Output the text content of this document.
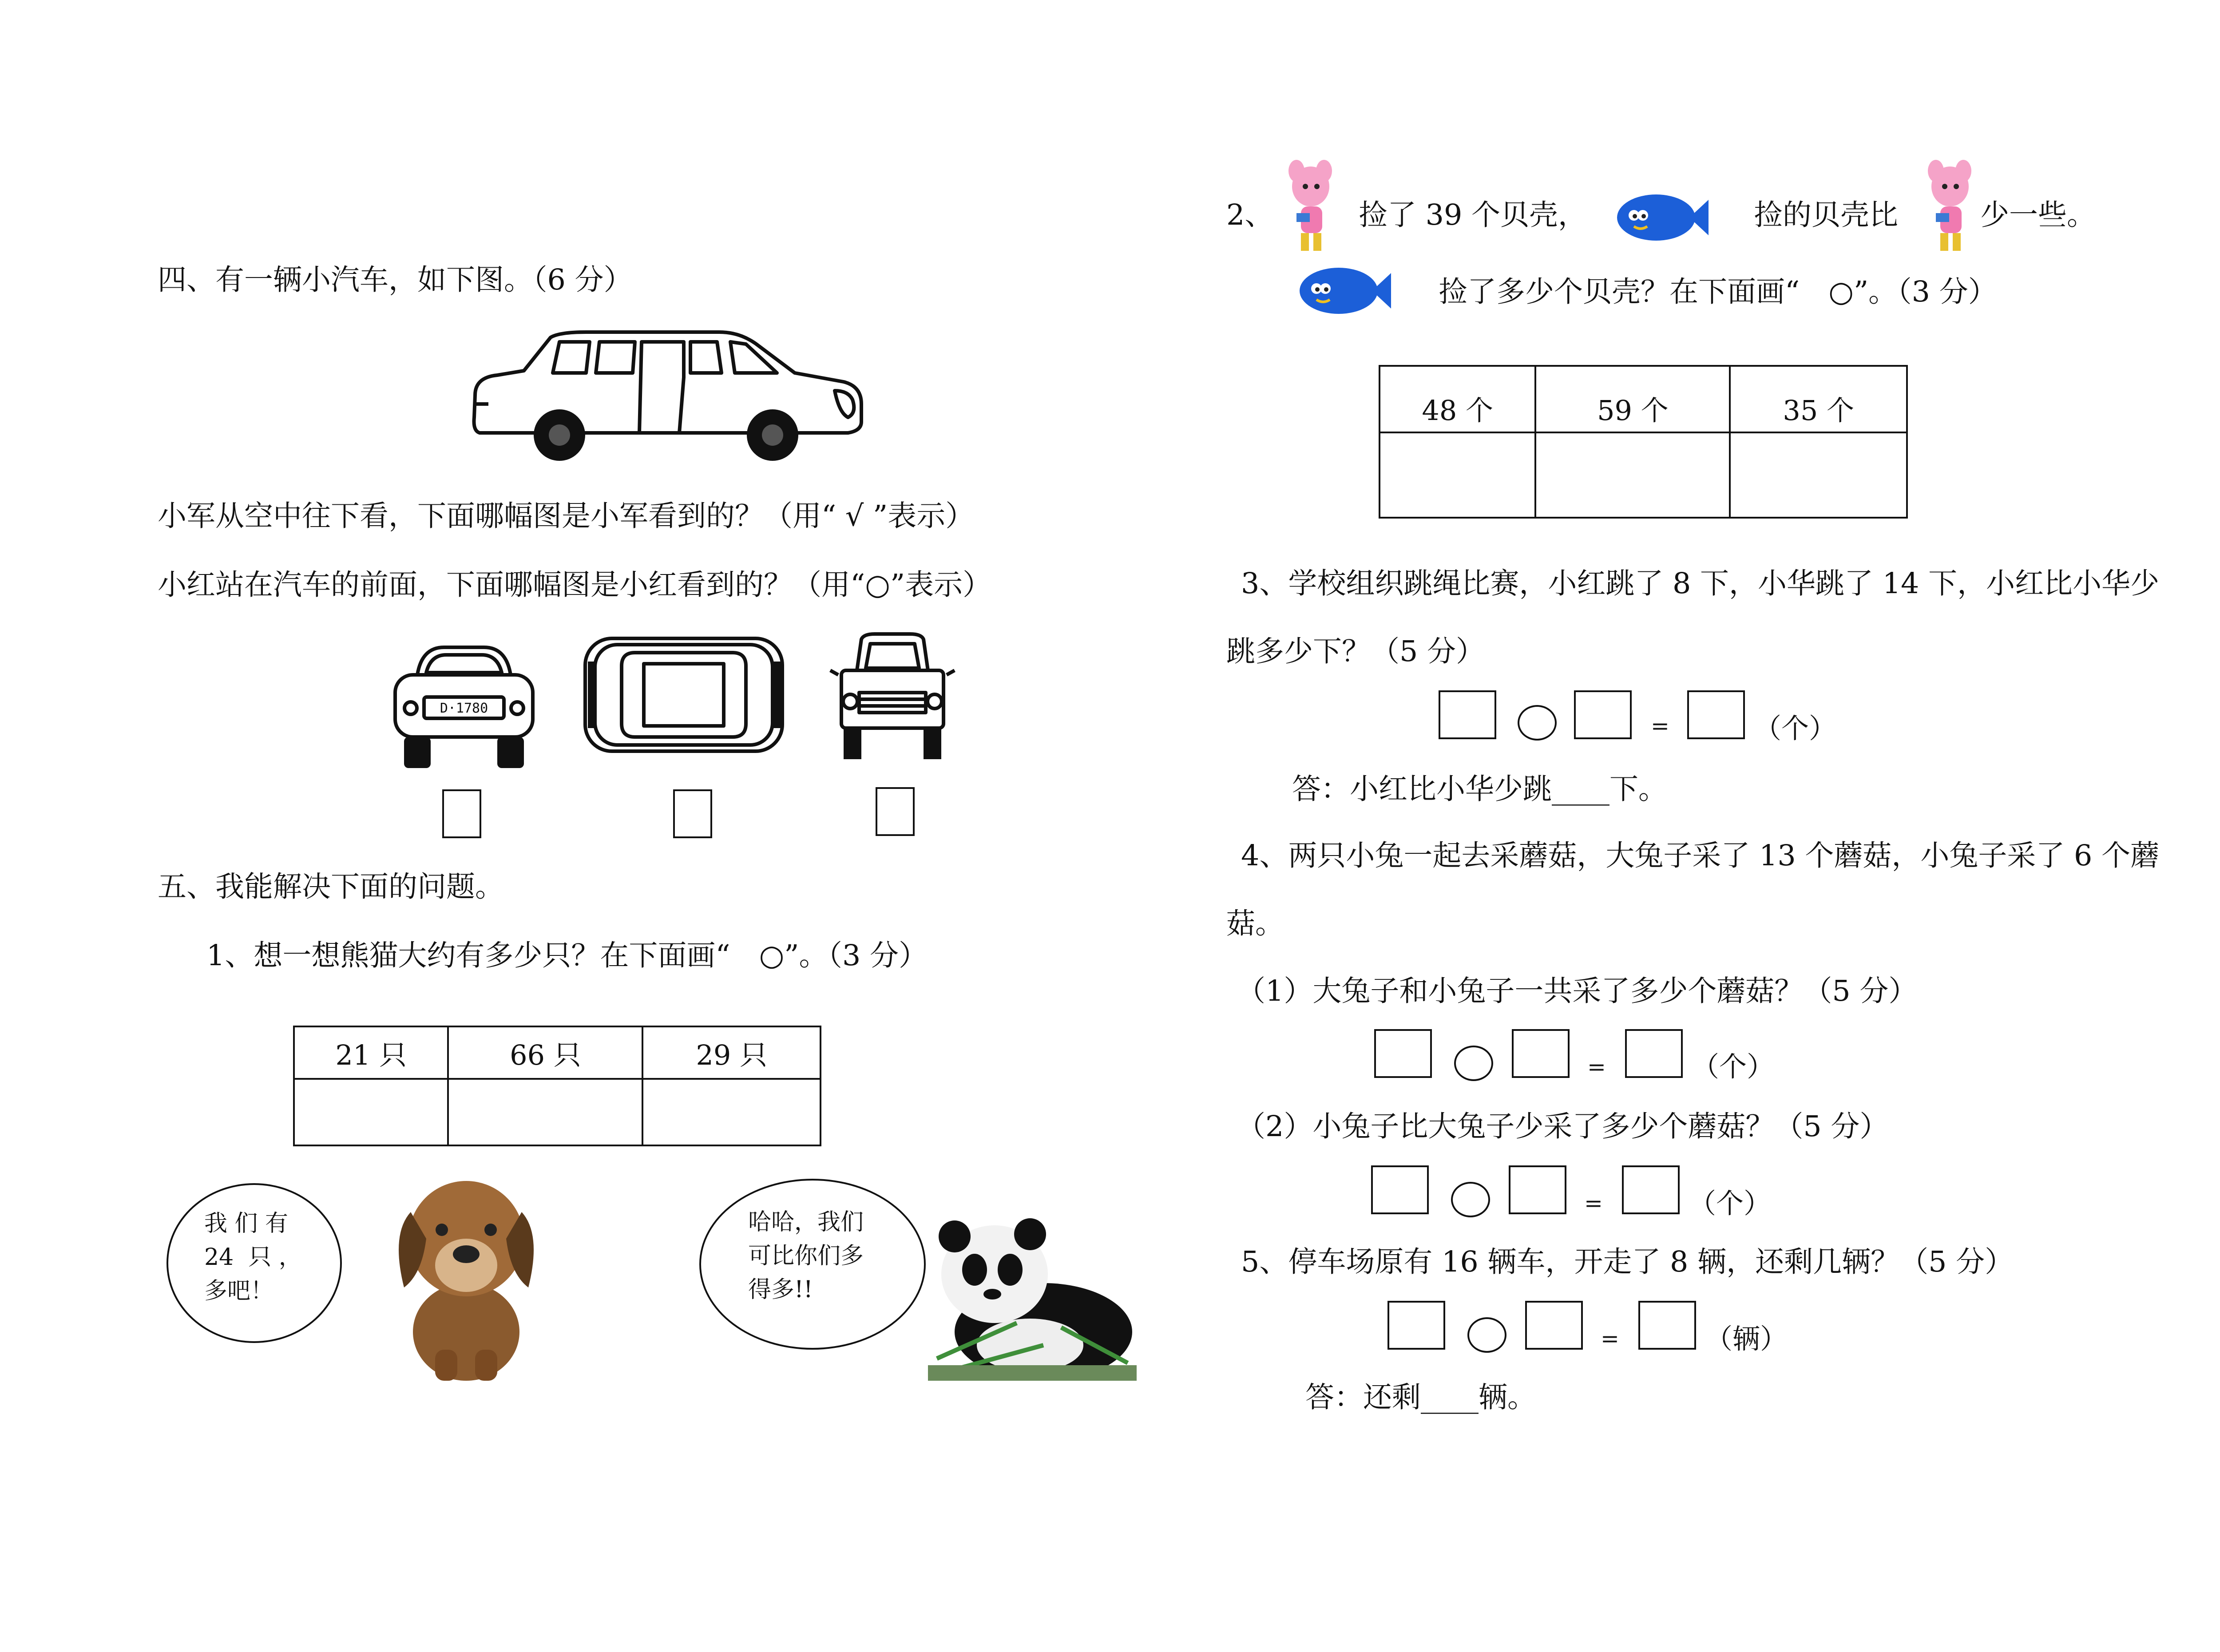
四、有一辆小汽车，如下图。（6 分）
小军从空中往下看，下面哪幅图是小军看到的？（用“ √ ”表示）
小红站在汽车的前面，下面哪幅图是小红看到的？（用“○”表示）
D·1780
五、我能解决下面的问题。
1、想一想熊猫大约有多少只？在下面画“　○”。（3 分）
21 只	66 只	29 只

我 们 有
24  只 ，
多吧！
哈哈，我们
可比你们多
得多!!
2、	捡了 39 个贝壳，	捡的贝壳比	少一些。
捡了多少个贝壳？在下面画“　○”。（3 分）
48 个	59 个	35 个

3、学校组织跳绳比赛，小红跳了 8 下，小华跳了 14 下，小红比小华少
跳多少下？（5 分）
=	（个）
答：小红比小华少跳____下。
4、两只小兔一起去采蘑菇，大兔子采了 13 个蘑菇，小兔子采了 6 个蘑
菇。
（1）大兔子和小兔子一共采了多少个蘑菇？（5 分）
=	（个）
（2）小兔子比大兔子少采了多少个蘑菇？（5 分）
=	（个）
5、停车场原有 16 辆车，开走了 8 辆，还剩几辆？（5 分）
=	（辆）
答：还剩____辆。
